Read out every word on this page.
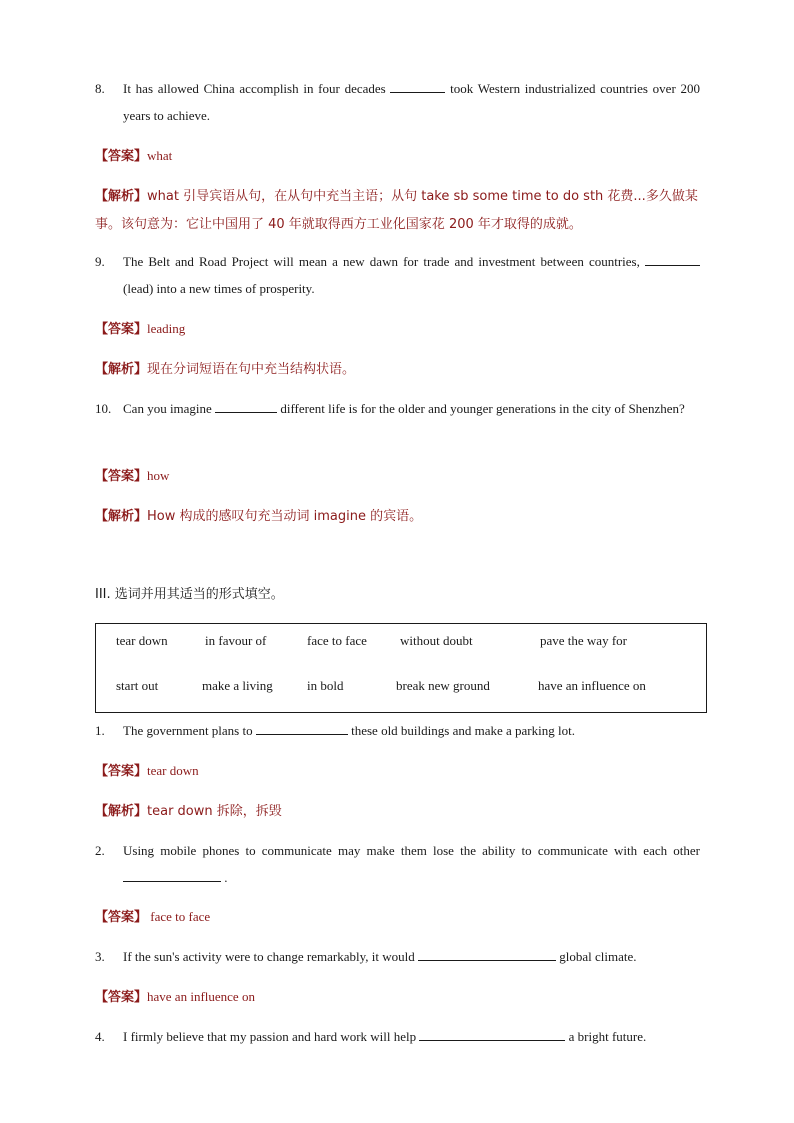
8. It has allowed China accomplish in four decades	took Western industrialized countries over 200 years to achieve.
【答案】what
【解析】what 引导宾语从句，在从句中充当主语；从句 take sb some time to do sth 花费...多久做某事。该句意为：它让中国用了 40 年就取得西方工业化国家花 200 年才取得的成就。
9. The Belt and Road Project will mean a new dawn for trade and investment between countries,  (lead) into a new times of prosperity.
【答案】leading
【解析】现在分词短语在句中充当结构状语。
10. Can you imagine	different life is for the older and younger generations in the city of Shenzhen?
【答案】how
【解析】How 构成的感叹句充当动词 imagine 的宾语。
III. 选词并用其适当的形式填空。
tear down	in favour of	face to face	without doubt	pave the way for
start out	make a living	in bold	break new ground	have an influence on
1. The government plans to	these old buildings and make a parking lot.
【答案】tear down
【解析】tear down 拆除，拆毁
2. Using mobile phones to communicate may make them lose the ability to communicate with each other  .
【答案】 face to face
3. If the sun's activity were to change remarkably, it would	global climate.
【答案】have an influence on
4. I firmly believe that my passion and hard work will help	a bright future.
